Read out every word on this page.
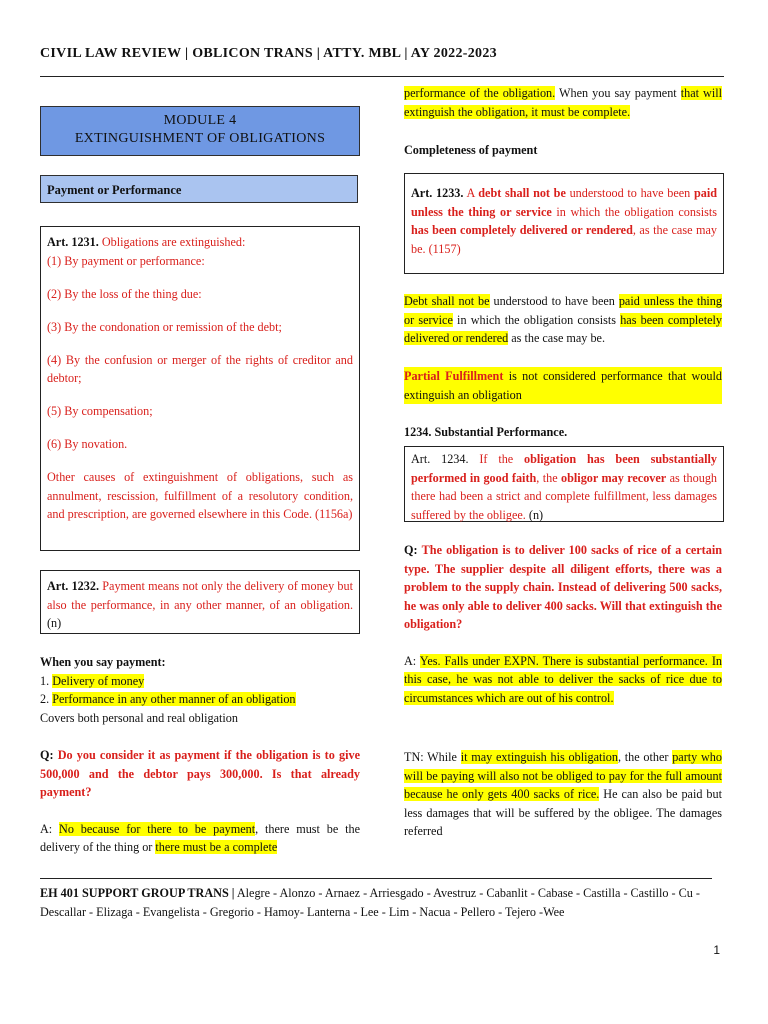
CIVIL LAW REVIEW | OBLICON TRANS | ATTY. MBL | AY 2022-2023
MODULE 4
EXTINGUISHMENT OF OBLIGATIONS
Payment or Performance

Art. 1231. Obligations are extinguished:

(1) By payment or performance:

(2) By the loss of the thing due:

(3) By the condonation or remission of the debt;

(4) By the confusion or merger of the rights of creditor and debtor;

(5) By compensation;

(6) By novation.

Other causes of extinguishment of obligations, such as annulment, rescission, fulfillment of a resolutory condition, and prescription, are governed elsewhere in this Code. (1156a)

Art. 1232. Payment means not only the delivery of money but also the performance, in any other manner, of an obligation. (n)

When you say payment:

1. Delivery of money

2. Performance in any other manner of an obligation

Covers both personal and real obligation

Q: Do you consider it as payment if the obligation is to give 500,000 and the debtor pays 300,000. Is that already payment?

A: No because for there to be payment, there must be the delivery of the thing or there must be a complete

performance of the obligation. When you say payment that will extinguish the obligation, it must be complete.

Completeness of payment

Art. 1233. A debt shall not be understood to have been paid unless the thing or service in which the obligation consists has been completely delivered or rendered, as the case may be. (1157)

Debt shall not be understood to have been paid unless the thing or service in which the obligation consists has been completely delivered or rendered as the case may be.

Partial Fulfillment is not considered performance that would extinguish an obligation

1234. Substantial Performance.

Art. 1234. If the obligation has been substantially performed in good faith, the obligor may recover as though there had been a strict and complete fulfillment, less damages suffered by the obligee. (n)

Q: The obligation is to deliver 100 sacks of rice of a certain type. The supplier despite all diligent efforts, there was a problem to the supply chain. Instead of delivering 500 sacks, he was only able to deliver 400 sacks. Will that extinguish the obligation?

A: Yes. Falls under EXPN. There is substantial performance. In this case, he was not able to deliver the sacks of rice due to circumstances which are out of his control.

TN: While it may extinguish his obligation, the other party who will be paying will also not be obliged to pay for the full amount because he only gets 400 sacks of rice. He can also be paid but less damages that will be suffered by the obligee. The damages referred

EH 401 SUPPORT GROUP TRANS | Alegre - Alonzo - Arnaez - Arriesgado - Avestruz - Cabanlit - Cabase - Castilla - Castillo - Cu -Descallar - Elizaga - Evangelista - Gregorio - Hamoy- Lanterna - Lee - Lim - Nacua - Pellero - Tejero -Wee
1
